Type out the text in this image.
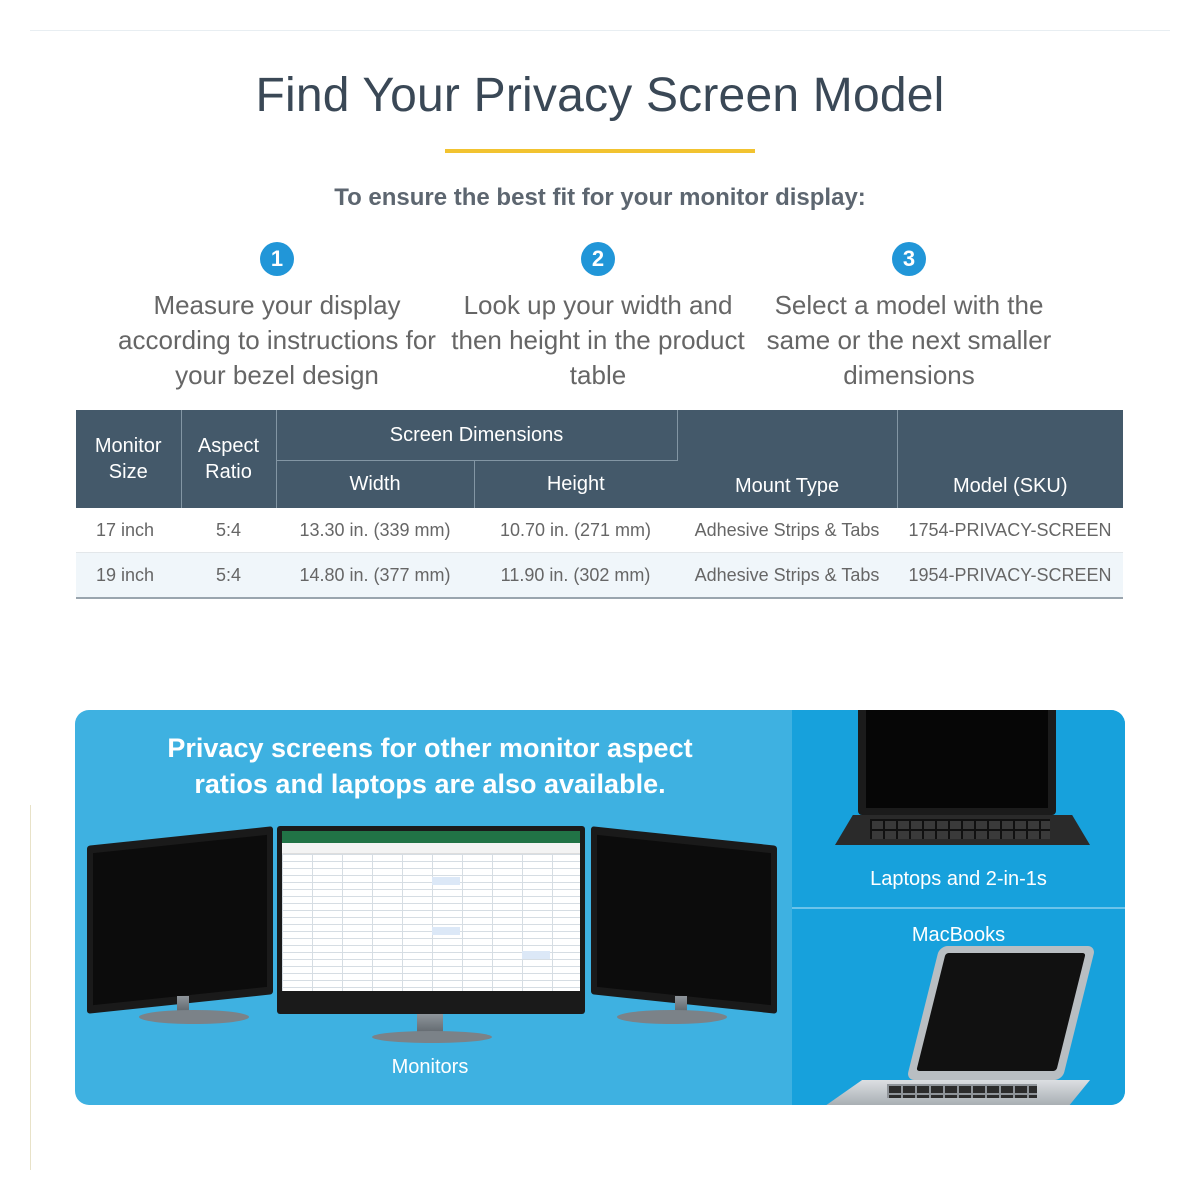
Find Your Privacy Screen Model
To ensure the best fit for your monitor display:
1
Measure your display according to instructions for your bezel design
2
Look up your width and then height in the product table
3
Select a model with the same or the next smaller dimensions
Monitor Size	Aspect Ratio	Screen Dimensions		Mount Type	Model (SKU)
		Width	Height		
17 inch	5:4	13.30 in. (339 mm)	10.70 in. (271 mm)	Adhesive Strips & Tabs	1754-PRIVACY-SCREEN
19 inch	5:4	14.80 in. (377 mm)	11.90 in. (302 mm)	Adhesive Strips & Tabs	1954-PRIVACY-SCREEN
Privacy screens for other monitor aspect ratios and laptops are also available.
Monitors
Laptops and 2-in-1s
MacBooks
